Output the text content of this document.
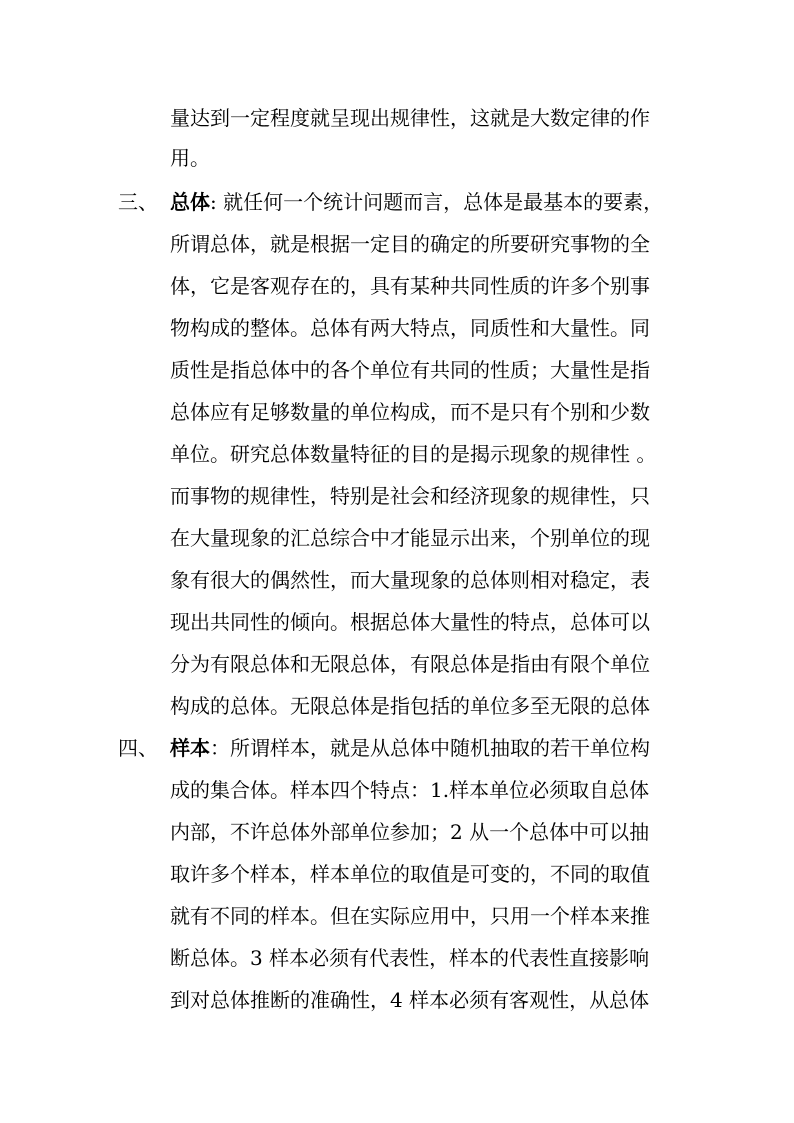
量达到一定程度就呈现出规律性，这就是大数定律的作
用。
三、 总体: 就任何一个统计问题而言，总体是最基本的要素，
所谓总体，就是根据一定目的确定的所要研究事物的全
体，它是客观存在的，具有某种共同性质的许多个别事
物构成的整体。总体有两大特点，同质性和大量性。同
质性是指总体中的各个单位有共同的性质；大量性是指
总体应有足够数量的单位构成，而不是只有个别和少数
单位。研究总体数量特征的目的是揭示现象的规律性 。
而事物的规律性，特别是社会和经济现象的规律性，只
在大量现象的汇总综合中才能显示出来，个别单位的现
象有很大的偶然性，而大量现象的总体则相对稳定，表
现出共同性的倾向。根据总体大量性的特点，总体可以
分为有限总体和无限总体，有限总体是指由有限个单位
构成的总体。无限总体是指包括的单位多至无限的总体
四、 样本：所谓样本，就是从总体中随机抽取的若干单位构
成的集合体。样本四个特点：1.样本单位必须取自总体
内部，不许总体外部单位参加；2 从一个总体中可以抽
取许多个样本，样本单位的取值是可变的，不同的取值
就有不同的样本。但在实际应用中，只用一个样本来推
断总体。3 样本必须有代表性，样本的代表性直接影响
到对总体推断的准确性，4 样本必须有客观性，从总体
